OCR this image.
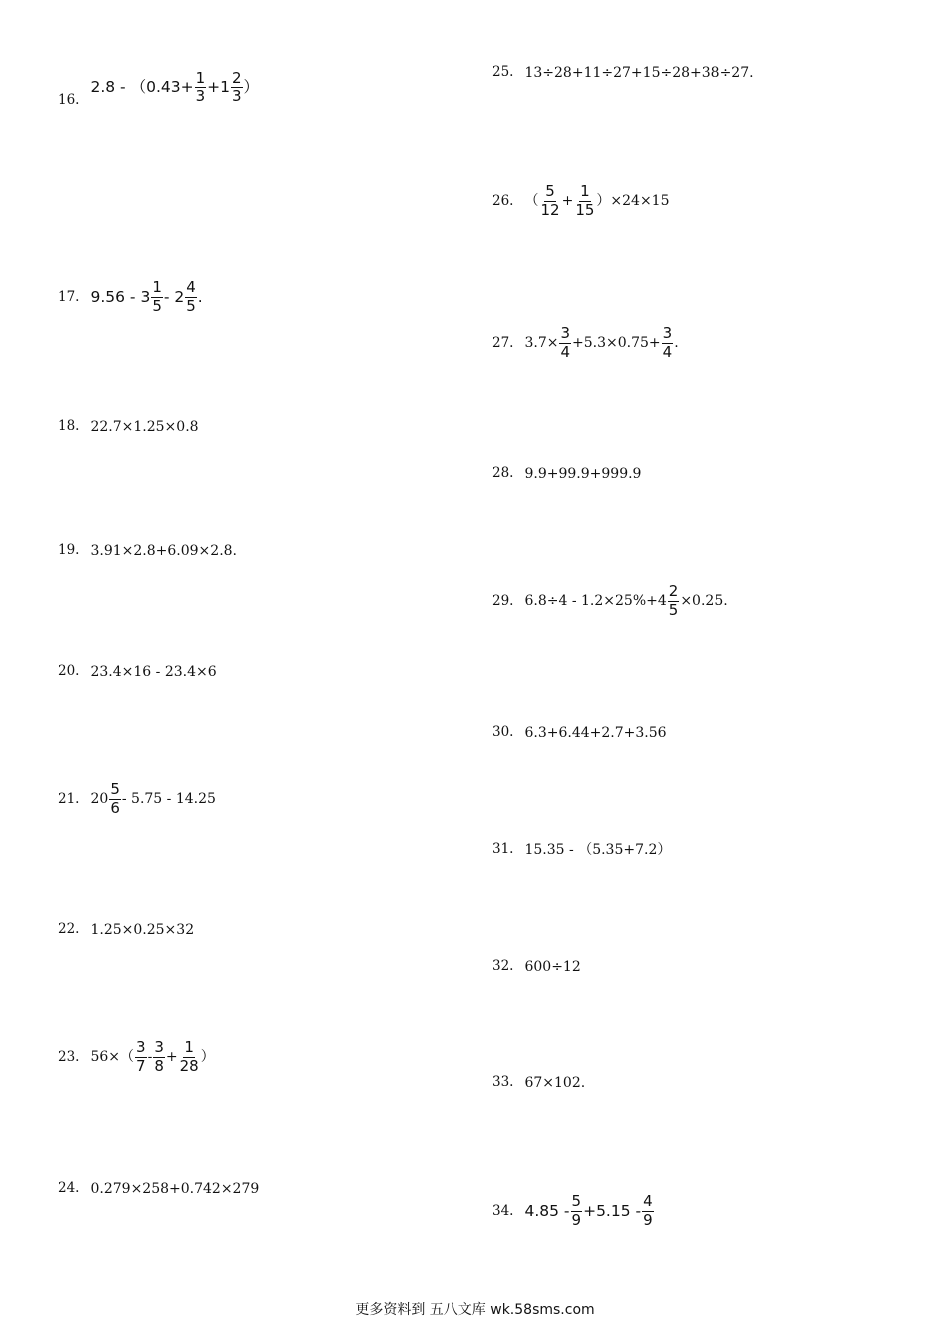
16.
$2.8 - (0.43+ \frac{1}{3} +1 \frac{2}{3}$ ）
17. $9.56 - 3 \frac{1}{5} - 2 \frac{4}{5}$ .
18. 22.7×1.25×0.8
19. 3.91×2.8+6.09×2.8.
20. 23.4×16 - 23.4×6
21. $20 \frac{5}{6} - 5.75 - 14.25$
22. 1.25×0.25×32
23. $56\times( \frac{3}{7} - \frac{3}{8} + \frac{1}{28}$ ）
24. 0.279×258+0.742×279
25. 13÷28+11÷27+15÷28+38÷27.
26. （ $\frac{5}{12} + \frac{1}{15} )\times 24\times 15$
27. $3.7\times \frac{3}{4} +5.3\times 0.75+ \frac{3}{4}$ .
28. 9.9+99.9+999.9
29. $6.8\div 4 - 1.2\times 25\%+4 \frac{2}{5} \times 0.25$.
30. 6.3+6.44+2.7+3.56
31. 15.35 - （5.35+7.2）
32. 600÷12
33. 67×102.
34. $4.85 - \frac{5}{9} +5.15 - \frac{4}{9}$
更多资料到 五八文库 wk.58sms.com
